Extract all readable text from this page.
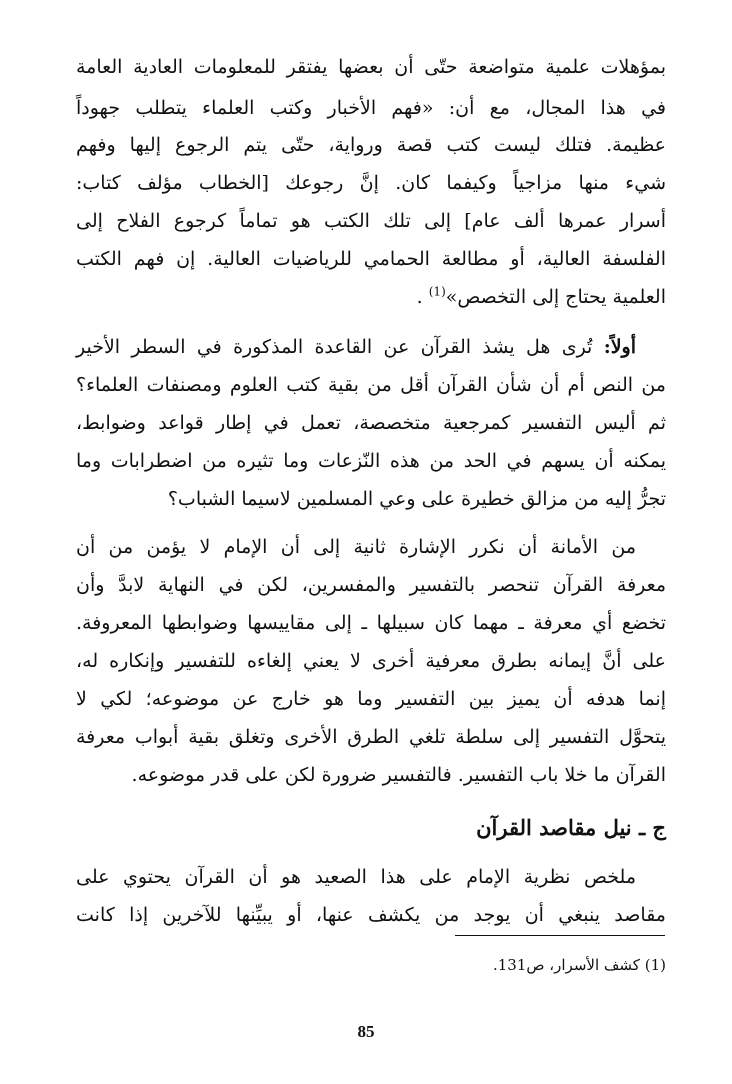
بمؤهلات علمية متواضعة حتّى أن بعضها يفتقر للمعلومات العادية العامة
في هذا المجال، مع أن: «فهم الأخبار وكتب العلماء يتطلب جهوداً
عظيمة. فتلك ليست كتب قصة ورواية، حتّى يتم الرجوع إليها وفهم
شيء منها مزاجياً وكيفما كان. إنَّ رجوعك [الخطاب مؤلف كتاب:
أسرار عمرها ألف عام] إلى تلك الكتب هو تماماً كرجوع الفلاح إلى
الفلسفة العالية، أو مطالعة الحمامي للرياضيات العالية. إن فهم الكتب
العلمية يحتاج إلى التخصص»$^{(1)}$ .
أولاً: تُرى هل يشذ القرآن عن القاعدة المذكورة في السطر الأخير
من النص أم أن شأن القرآن أقل من بقية كتب العلوم ومصنفات العلماء؟
ثم أليس التفسير كمرجعية متخصصة، تعمل في إطار قواعد وضوابط،
يمكنه أن يسهم في الحد من هذه النّزعات وما تثيره من اضطرابات وما
تجرُّ إليه من مزالق خطيرة على وعي المسلمين لاسيما الشباب؟
من الأمانة أن نكرر الإشارة ثانية إلى أن الإمام لا يؤمن من أن
معرفة القرآن تنحصر بالتفسير والمفسرين، لكن في النهاية لابدَّ وأن
تخضع أي معرفة ـ مهما كان سبيلها ـ إلى مقاييسها وضوابطها المعروفة.
على أنَّ إيمانه بطرق معرفية أخرى لا يعني إلغاءه للتفسير وإنكاره له،
إنما هدفه أن يميز بين التفسير وما هو خارج عن موضوعه؛ لكي لا
يتحوَّل التفسير إلى سلطة تلغي الطرق الأخرى وتغلق بقية أبواب معرفة
القرآن ما خلا باب التفسير. فالتفسير ضرورة لكن على قدر موضوعه.
ج ـ نيل مقاصد القرآن
ملخص نظرية الإمام على هذا الصعيد هو أن القرآن يحتوي على
مقاصد ينبغي أن يوجد من يكشف عنها، أو يبيِّنها للآخرين إذا كانت
(1) كشف الأسرار، ص131.
85
